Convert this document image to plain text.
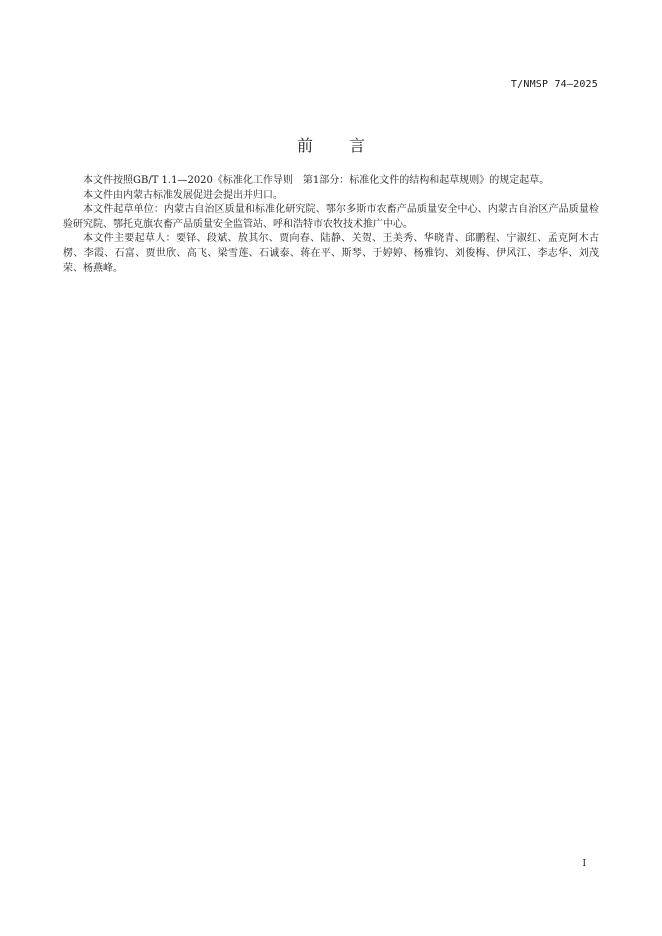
T/NMSP 74—2025
前言

本文件按照GB/T 1.1—2020《标准化工作导则　第1部分：标准化文件的结构和起草规则》的规定起草。

本文件由内蒙古标准发展促进会提出并归口。

本文件起草单位：内蒙古自治区质量和标准化研究院、鄂尔多斯市农畜产品质量安全中心、内蒙古自治区产品质量检验研究院、鄂托克旗农畜产品质量安全监管站、呼和浩特市农牧技术推广中心。

本文件主要起草人：要铎、段斌、敖其尔、贾向春、陆静、关贺、王美秀、华晓青、邱鹏程、宁淑红、孟克阿木古楞、李霞、石富、贾世欣、高飞、梁雪莲、石诚泰、蒋在平、斯琴、于婷婷、杨雅钧、刘俊梅、伊风江、李志华、刘茂荣、杨燕峰。

I
